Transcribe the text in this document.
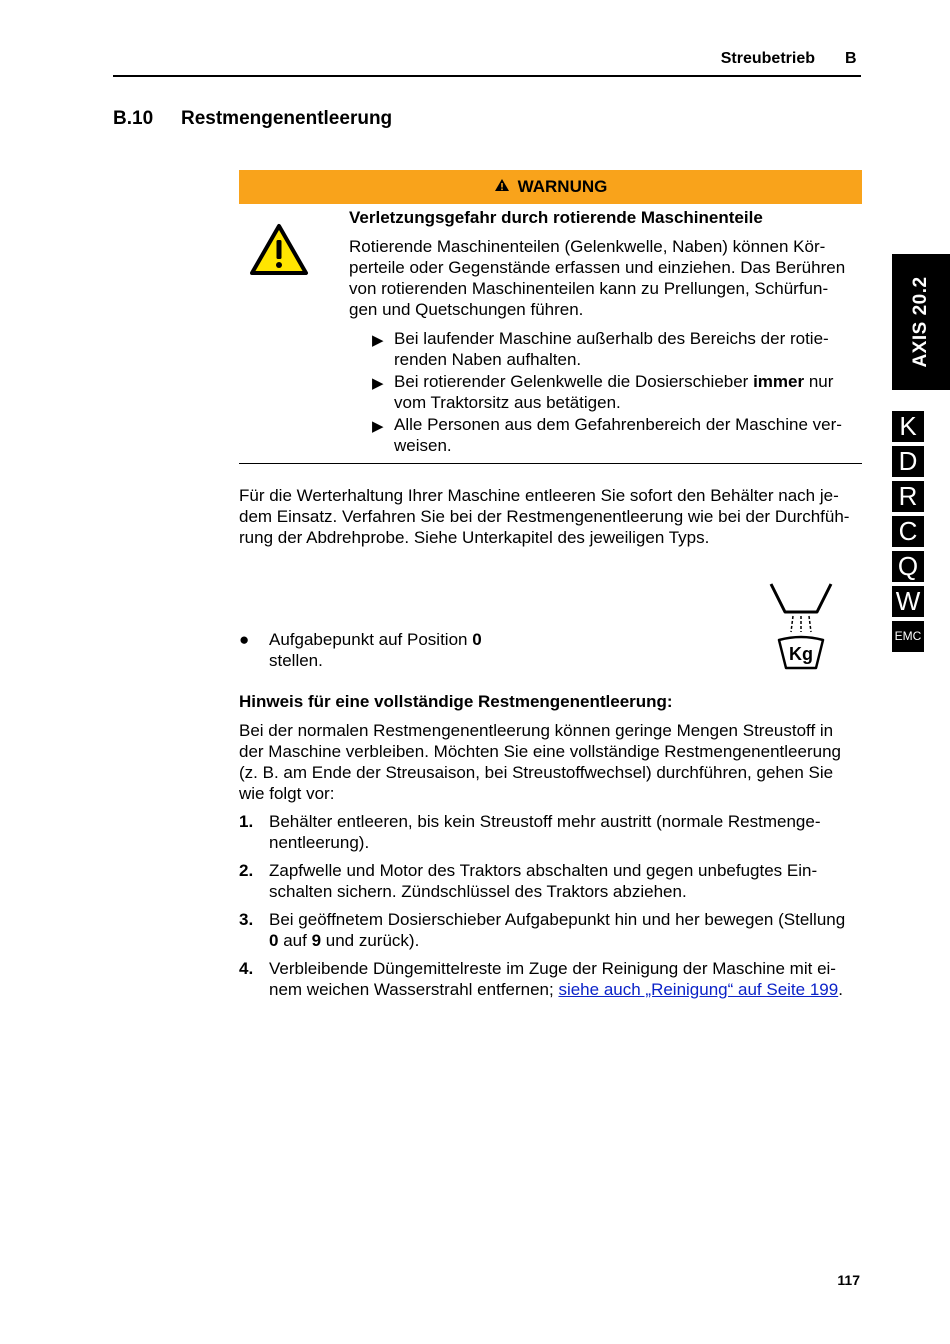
Streubetrieb B
B.10 Restmengenentleerung
AXIS 20.2
K
D
R
C
Q
W
EMC
WARNUNG
Verletzungsgefahr durch rotierende Maschinenteile
Rotierende Maschinenteilen (Gelenkwelle, Naben) können Kör-
perteile oder Gegenstände erfassen und einziehen. Das Berühren
von rotierenden Maschinenteilen kann zu Prellungen, Schürfun-
gen und Quetschungen führen.
▶ Bei laufender Maschine außerhalb des Bereichs der rotie-
renden Naben aufhalten.
▶ Bei rotierender Gelenkwelle die Dosierschieber immer nur
vom Traktorsitz aus betätigen.
▶ Alle Personen aus dem Gefahrenbereich der Maschine ver-
weisen.
Für die Werterhaltung Ihrer Maschine entleeren Sie sofort den Behälter nach je-
dem Einsatz. Verfahren Sie bei der Restmengenentleerung wie bei der Durchfüh-
rung der Abdrehprobe. Siehe Unterkapitel des jeweiligen Typs.
● Aufgabepunkt auf Position 0
stellen.	Kg
Hinweis für eine vollständige Restmengenentleerung:
Bei der normalen Restmengenentleerung können geringe Mengen Streustoff in
der Maschine verbleiben. Möchten Sie eine vollständige Restmengenentleerung
(z. B. am Ende der Streusaison, bei Streustoffwechsel) durchführen, gehen Sie
wie folgt vor:
1. Behälter entleeren, bis kein Streustoff mehr austritt (normale Restmenge-
nentleerung).
2. Zapfwelle und Motor des Traktors abschalten und gegen unbefugtes Ein-
schalten sichern. Zündschlüssel des Traktors abziehen.
3. Bei geöffnetem Dosierschieber Aufgabepunkt hin und her bewegen (Stellung
0 auf 9 und zurück).
4. Verbleibende Düngemittelreste im Zuge der Reinigung der Maschine mit ei-
nem weichen Wasserstrahl entfernen; siehe auch „Reinigung“ auf Seite 199.
117
